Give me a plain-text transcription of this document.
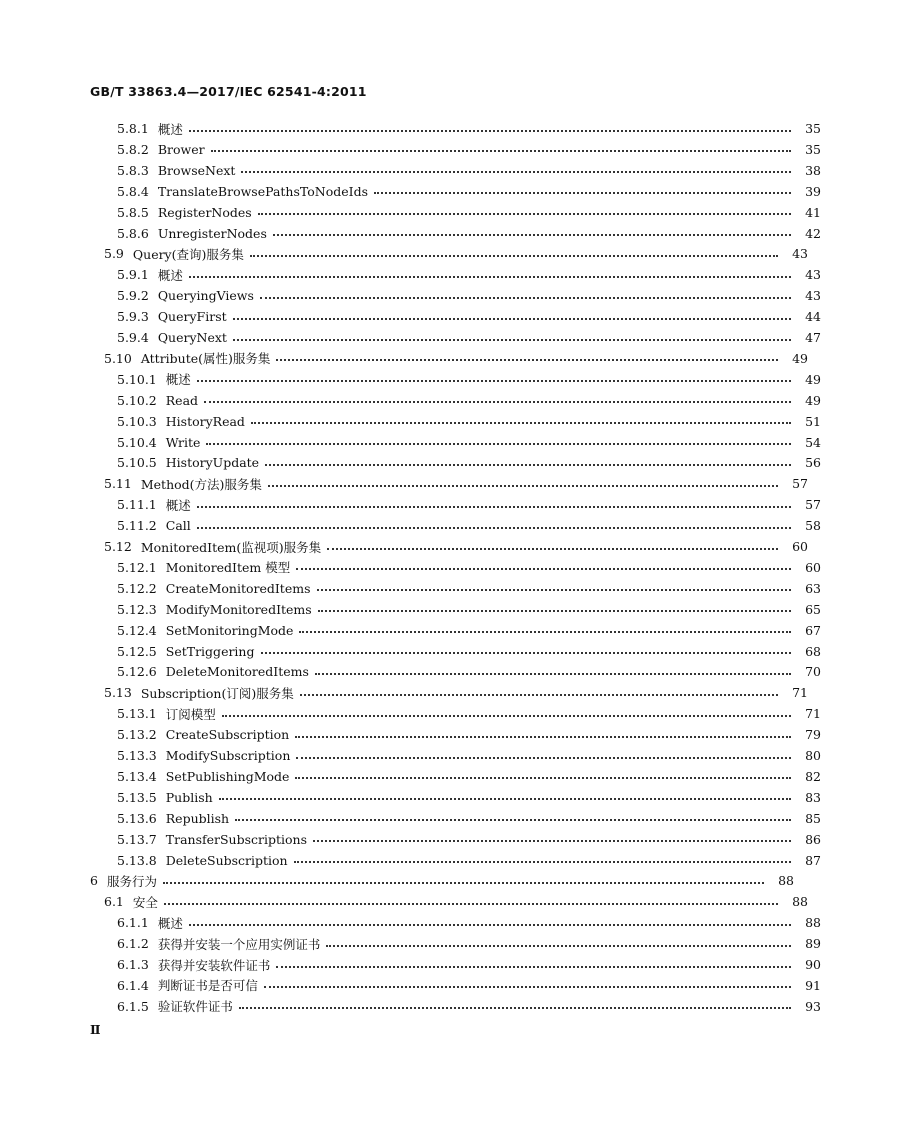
GB/T 33863.4—2017/IEC 62541-4:2011
5.8.1 概述	35
5.8.2 Brower	35
5.8.3 BrowseNext	38
5.8.4 TranslateBrowsePathsToNodeIds	39
5.8.5 RegisterNodes	41
5.8.6 UnregisterNodes	42
5.9 Query(查询)服务集	43
5.9.1 概述	43
5.9.2 QueryingViews	43
5.9.3 QueryFirst	44
5.9.4 QueryNext	47
5.10 Attribute(属性)服务集	49
5.10.1 概述	49
5.10.2 Read	49
5.10.3 HistoryRead	51
5.10.4 Write	54
5.10.5 HistoryUpdate	56
5.11 Method(方法)服务集	57
5.11.1 概述	57
5.11.2 Call	58
5.12 MonitoredItem(监视项)服务集	60
5.12.1 MonitoredItem 模型	60
5.12.2 CreateMonitoredItems	63
5.12.3 ModifyMonitoredItems	65
5.12.4 SetMonitoringMode	67
5.12.5 SetTriggering	68
5.12.6 DeleteMonitoredItems	70
5.13 Subscription(订阅)服务集	71
5.13.1 订阅模型	71
5.13.2 CreateSubscription	79
5.13.3 ModifySubscription	80
5.13.4 SetPublishingMode	82
5.13.5 Publish	83
5.13.6 Republish	85
5.13.7 TransferSubscriptions	86
5.13.8 DeleteSubscription	87
6 服务行为	88
6.1 安全	88
6.1.1 概述	88
6.1.2 获得并安装一个应用实例证书	89
6.1.3 获得并安装软件证书	90
6.1.4 判断证书是否可信	91
6.1.5 验证软件证书	93
Ⅱ
